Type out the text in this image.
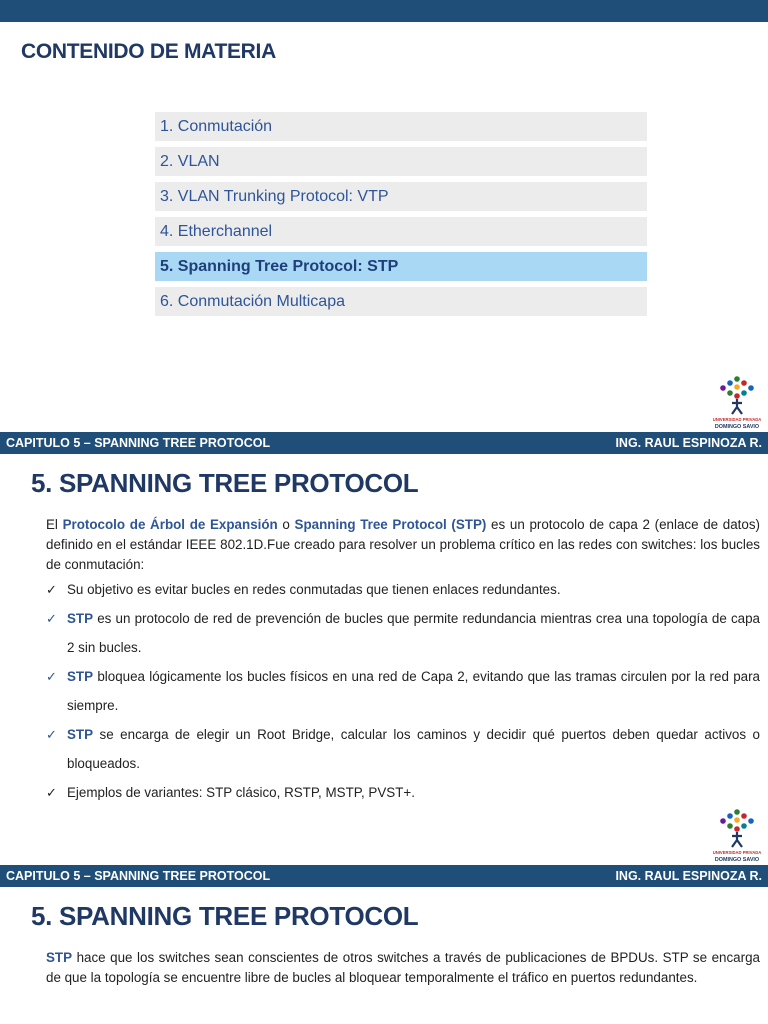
CONTENIDO DE MATERIA
1. Conmutación
2. VLAN
3. VLAN Trunking Protocol: VTP
4. Etherchannel
5. Spanning Tree Protocol: STP
6. Conmutación Multicapa
UNIVERSIDAD PRIVADA
DOMINGO SAVIO
CAPITULO 5 – SPANNING TREE PROTOCOL	ING. RAUL ESPINOZA R.
5. SPANNING TREE PROTOCOL

El Protocolo de Árbol de Expansión o Spanning Tree Protocol (STP) es un protocolo de capa 2 (enlace de datos) definido en el estándar IEEE 802.1D.Fue creado para resolver un problema crítico en las redes con switches: los bucles de conmutación:

✓ Su objetivo es evitar bucles en redes conmutadas que tienen enlaces redundantes.
✓ STP es un protocolo de red de prevención de bucles que permite redundancia mientras crea una topología de capa 2 sin bucles.
✓ STP bloquea lógicamente los bucles físicos en una red de Capa 2, evitando que las tramas circulen por la red para siempre.
✓ STP se encarga de elegir un Root Bridge, calcular los caminos y decidir qué puertos deben quedar activos o bloqueados.
✓ Ejemplos de variantes: STP clásico, RSTP, MSTP, PVST+.
UNIVERSIDAD PRIVADA
DOMINGO SAVIO
CAPITULO 5 – SPANNING TREE PROTOCOL	ING. RAUL ESPINOZA R.
5. SPANNING TREE PROTOCOL

STP hace que los switches sean conscientes de otros switches a través de publicaciones de BPDUs. STP se encarga de que la topología se encuentre libre de bucles al bloquear temporalmente el tráfico en puertos redundantes.
